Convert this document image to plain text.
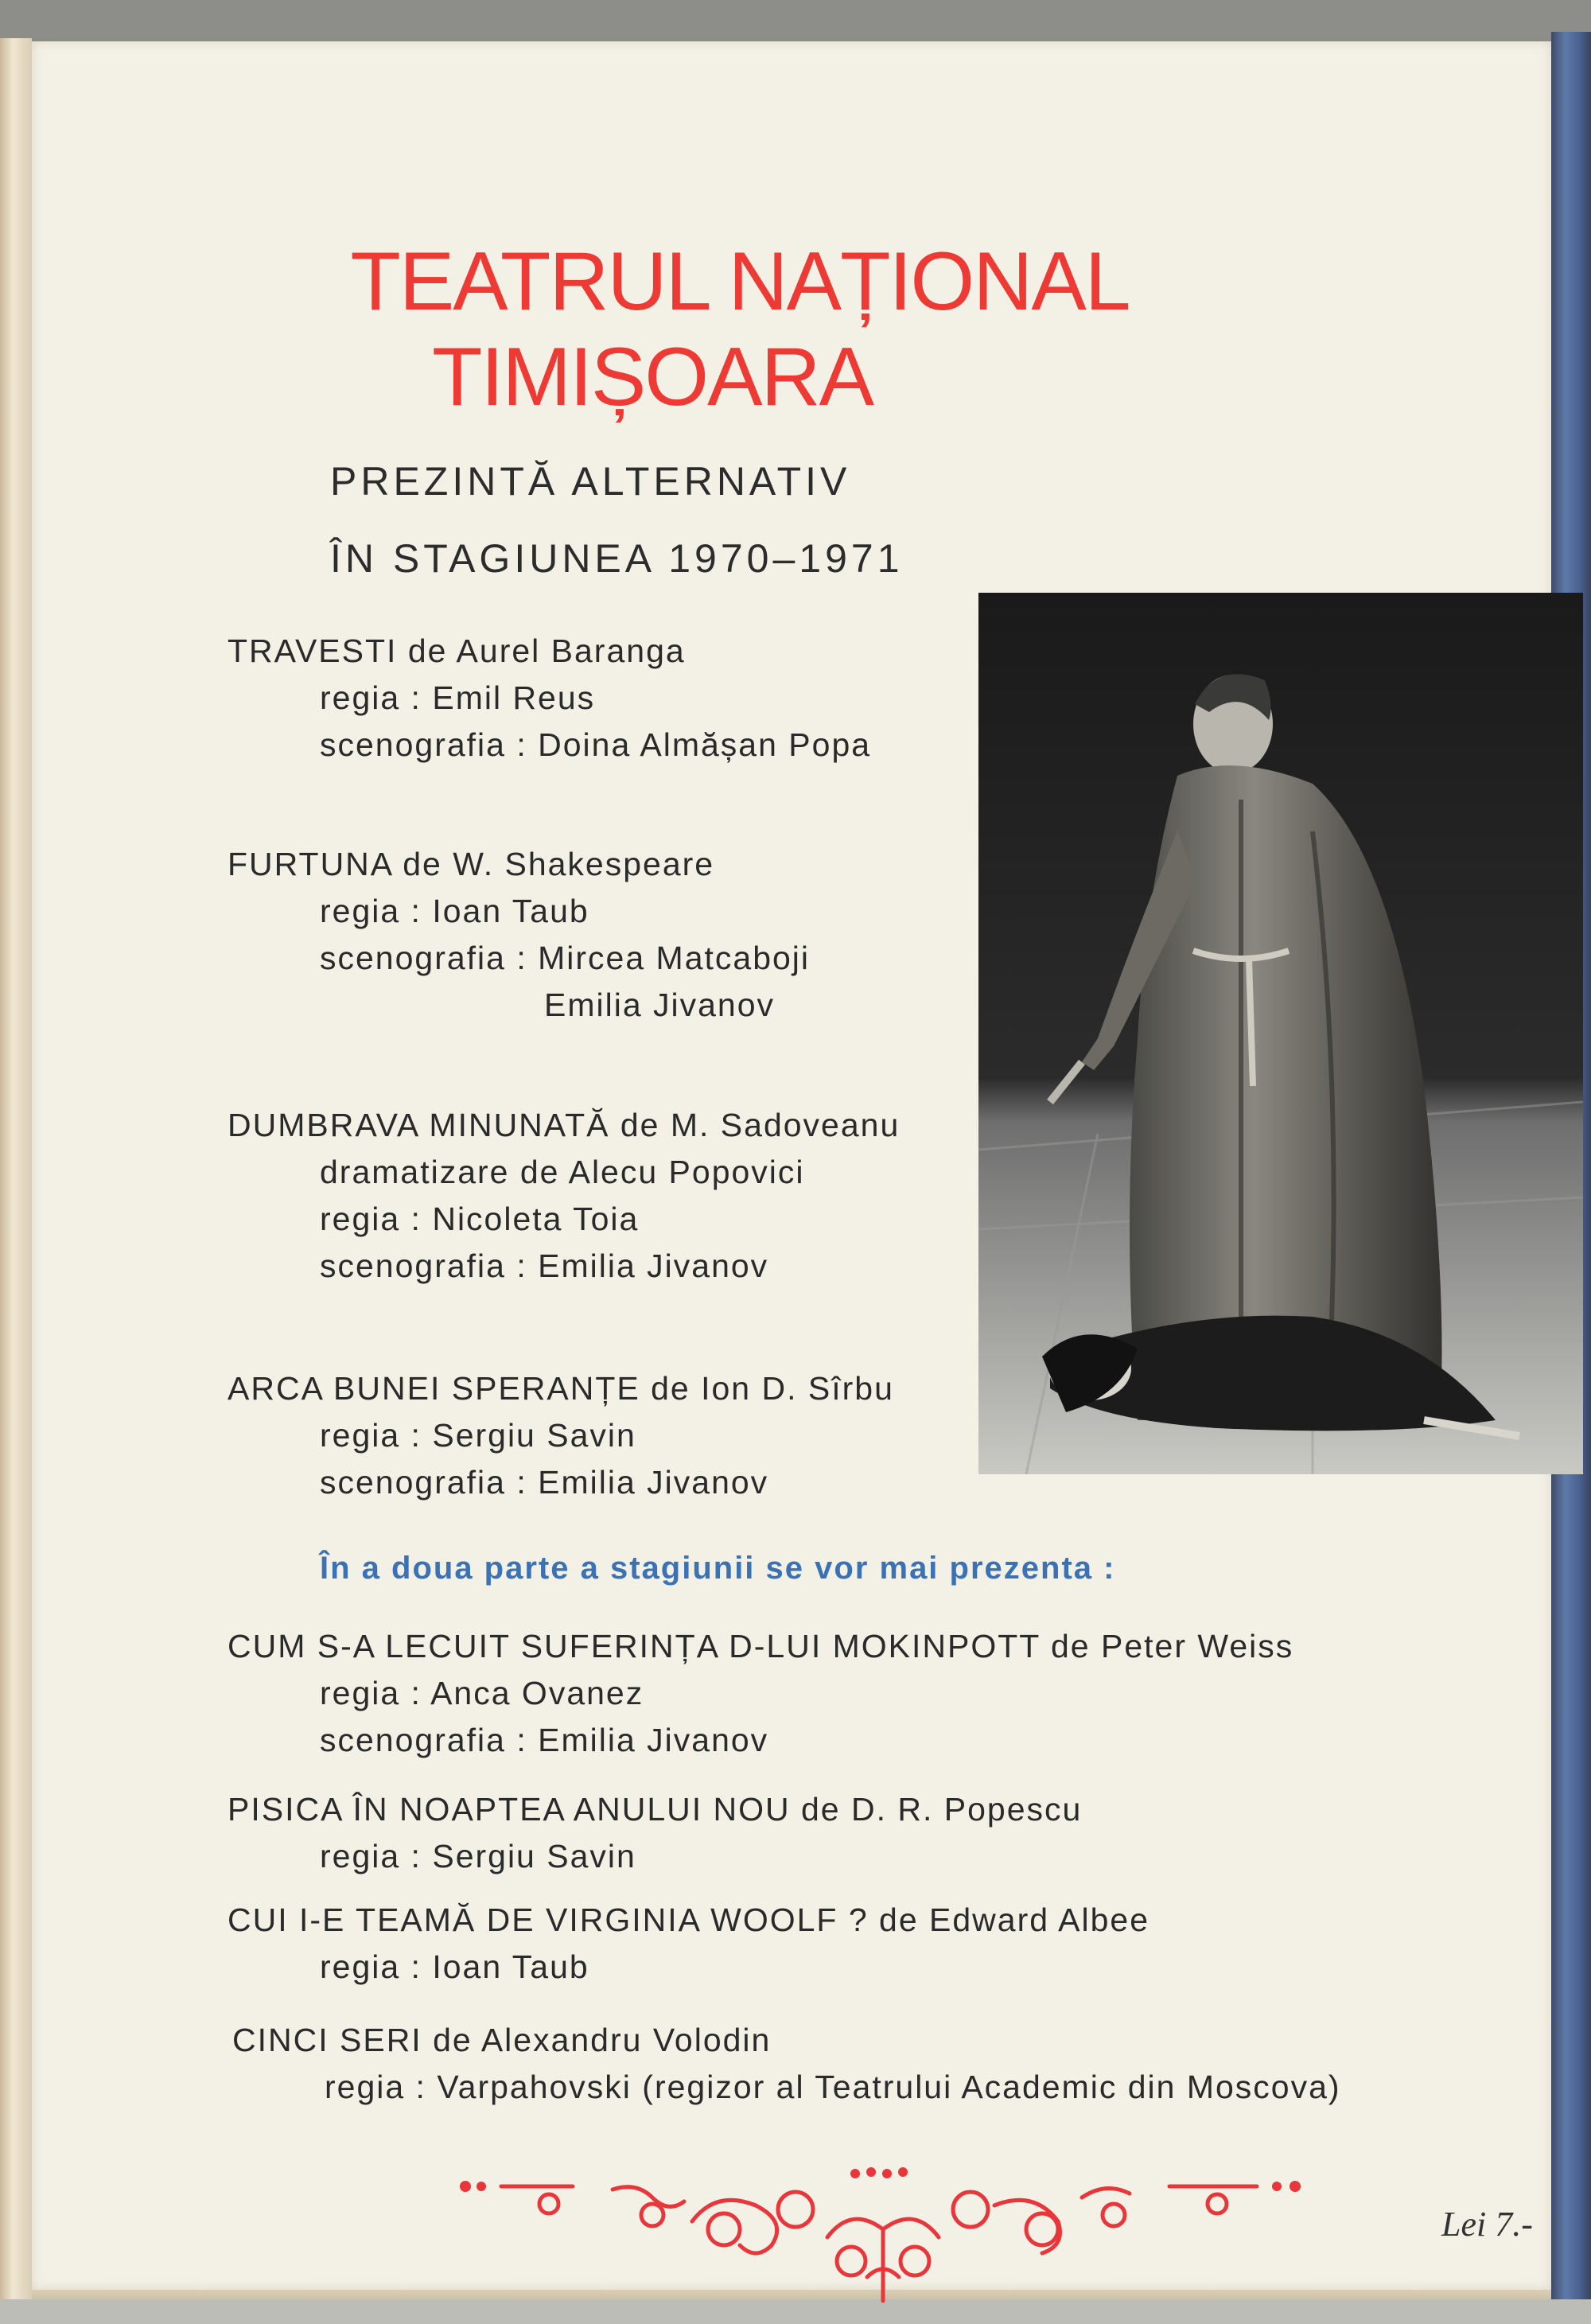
TEATRUL NAȚIONAL
TIMIȘOARA
PREZINTĂ ALTERNATIV
ÎN STAGIUNEA 1970–1971
TRAVESTI de Aurel Baranga
regia : Emil Reus
scenografia : Doina Almășan Popa
FURTUNA de W. Shakespeare
regia : Ioan Taub
scenografia : Mircea Matcaboji
Emilia Jivanov
DUMBRAVA MINUNATĂ de M. Sadoveanu
dramatizare de Alecu Popovici
regia : Nicoleta Toia
scenografia : Emilia Jivanov
ARCA BUNEI SPERANȚE de Ion D. Sîrbu
regia : Sergiu Savin
scenografia : Emilia Jivanov
În a doua parte a stagiunii se vor mai prezenta :
CUM S-A LECUIT SUFERINȚA D-LUI MOKINPOTT de Peter Weiss
regia : Anca Ovanez
scenografia : Emilia Jivanov
PISICA ÎN NOAPTEA ANULUI NOU de D. R. Popescu
regia : Sergiu Savin
CUI I-E TEAMĂ DE VIRGINIA WOOLF ? de Edward Albee
regia : Ioan Taub
CINCI SERI de Alexandru Volodin
regia : Varpahovski (regizor al Teatrului Academic din Moscova)
Lei 7.-
